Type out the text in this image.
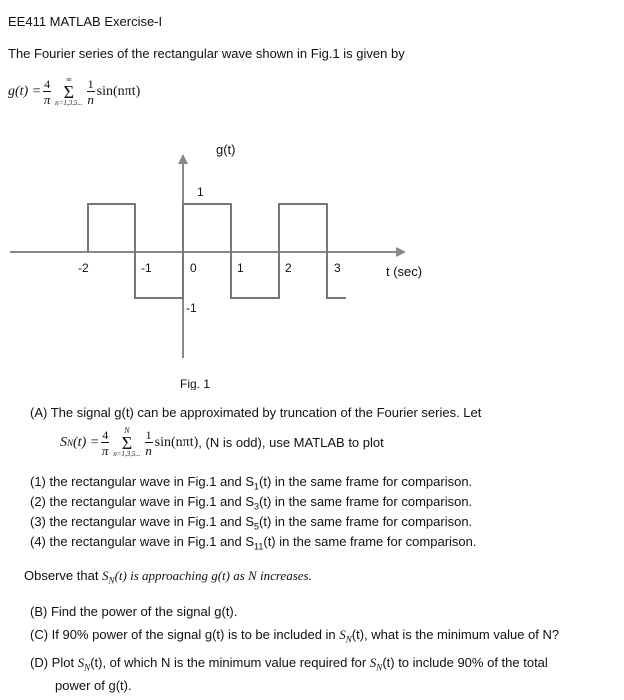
EE411 MATLAB Exercise-I
The Fourier series of the rectangular wave shown in Fig.1 is given by
$g(t) = \frac{4}{\pi}$ ∞
Σ
n=1,3,5... $\frac{1}{n} \sin(n\pi t)$
g(t)
1
-1
t (sec)
-2	-1	0	1	2	3
Fig. 1
(A) The signal g(t) can be approximated by truncation of the Fourier series. Let
S N $(t) = \frac{4}{\pi}$ N
Σ
n=1,3,5... $\frac{1}{n} \sin(n\pi t)$ , (N is odd), use MATLAB to plot
(1) the rectangular wave in Fig.1 and $S_1(t)$ in the same frame for comparison.
(2) the rectangular wave in Fig.1 and $S_3(t)$ in the same frame for comparison.
(3) the rectangular wave in Fig.1 and $S_5(t)$ in the same frame for comparison.
(4) the rectangular wave in Fig.1 and $S_{11}(t)$ in the same frame for comparison.
Observe that $S_N(t)$ is approaching g(t) as N increases.
(B) Find the power of the signal g(t).
(C) If 90% power of the signal g(t) is to be included in $S_N(t)$, what is the minimum value of N?
(D) Plot $S_N(t)$, of which N is the minimum value required for $S_N(t)$ to include 90% of the total
power of g(t).
